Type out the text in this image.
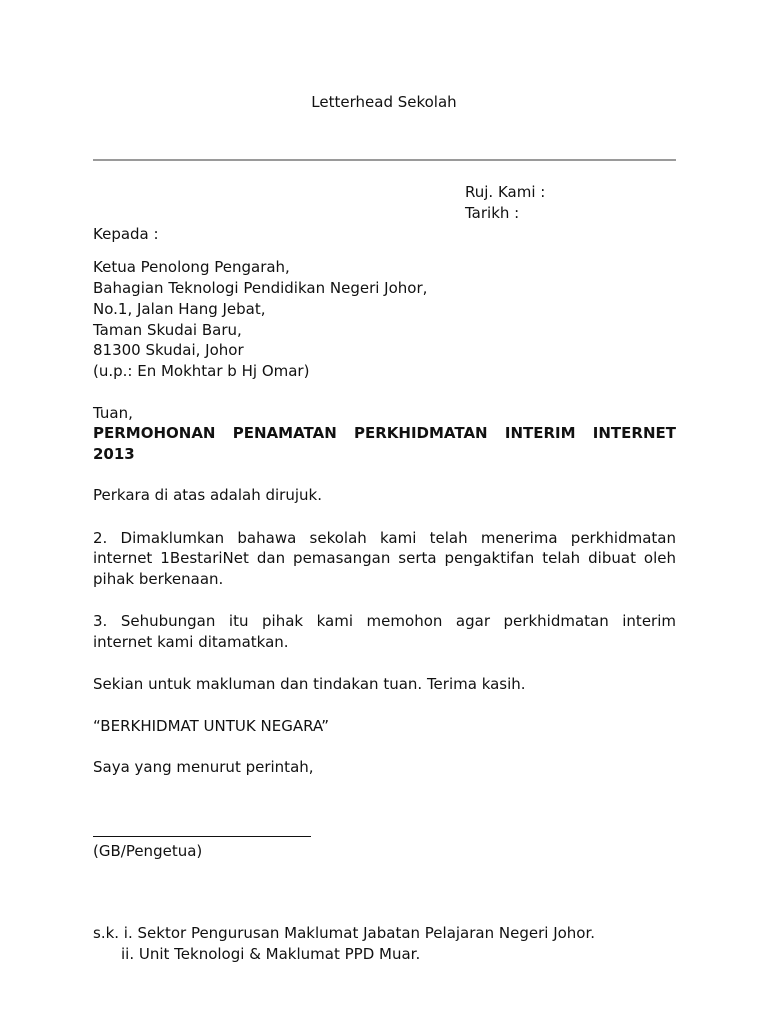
Letterhead Sekolah
Ruj. Kami :
Tarikh :
Kepada :
Ketua Penolong Pengarah,
Bahagian Teknologi Pendidikan Negeri Johor,
No.1, Jalan Hang Jebat,
Taman Skudai Baru,
81300 Skudai, Johor
(u.p.: En Mokhtar b Hj Omar)
Tuan,
PERMOHONAN PENAMATAN PERKHIDMATAN INTERIM INTERNET
2013
Perkara di atas adalah dirujuk.
2. Dimaklumkan bahawa sekolah kami telah menerima perkhidmatan
internet 1BestariNet dan pemasangan serta pengaktifan telah dibuat oleh
pihak berkenaan.
3. Sehubungan itu pihak kami memohon agar perkhidmatan interim
internet kami ditamatkan.
Sekian untuk makluman dan tindakan tuan. Terima kasih.
“BERKHIDMAT UNTUK NEGARA”
Saya yang menurut perintah,
(GB/Pengetua)
s.k. i. Sektor Pengurusan Maklumat Jabatan Pelajaran Negeri Johor.
ii. Unit Teknologi & Maklumat PPD Muar.
